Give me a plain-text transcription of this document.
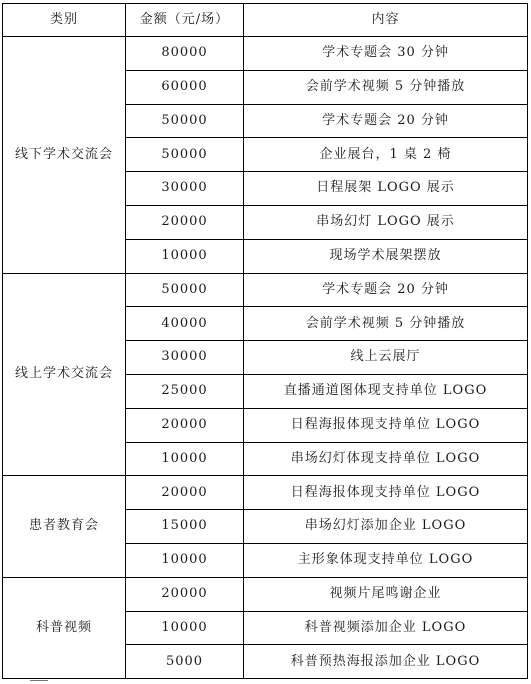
类别	金额（元/场）	内容
线下学术交流会	80000	学术专题会 30 分钟
	60000	会前学术视频 5 分钟播放
	50000	学术专题会 20 分钟
	50000	企业展台，1 桌 2 椅
	30000	日程展架 LOGO 展示
	20000	串场幻灯 LOGO 展示
	10000	现场学术展架摆放
线上学术交流会	50000	学术专题会 20 分钟
	40000	会前学术视频 5 分钟播放
	30000	线上云展厅
	25000	直播通道图体现支持单位 LOGO
	20000	日程海报体现支持单位 LOGO
	10000	串场幻灯体现支持单位 LOGO
患者教育会	20000	日程海报体现支持单位 LOGO
	15000	串场幻灯添加企业 LOGO
	10000	主形象体现支持单位 LOGO
科普视频	20000	视频片尾鸣谢企业
	10000	科普视频添加企业 LOGO
	5000	科普预热海报添加企业 LOGO
